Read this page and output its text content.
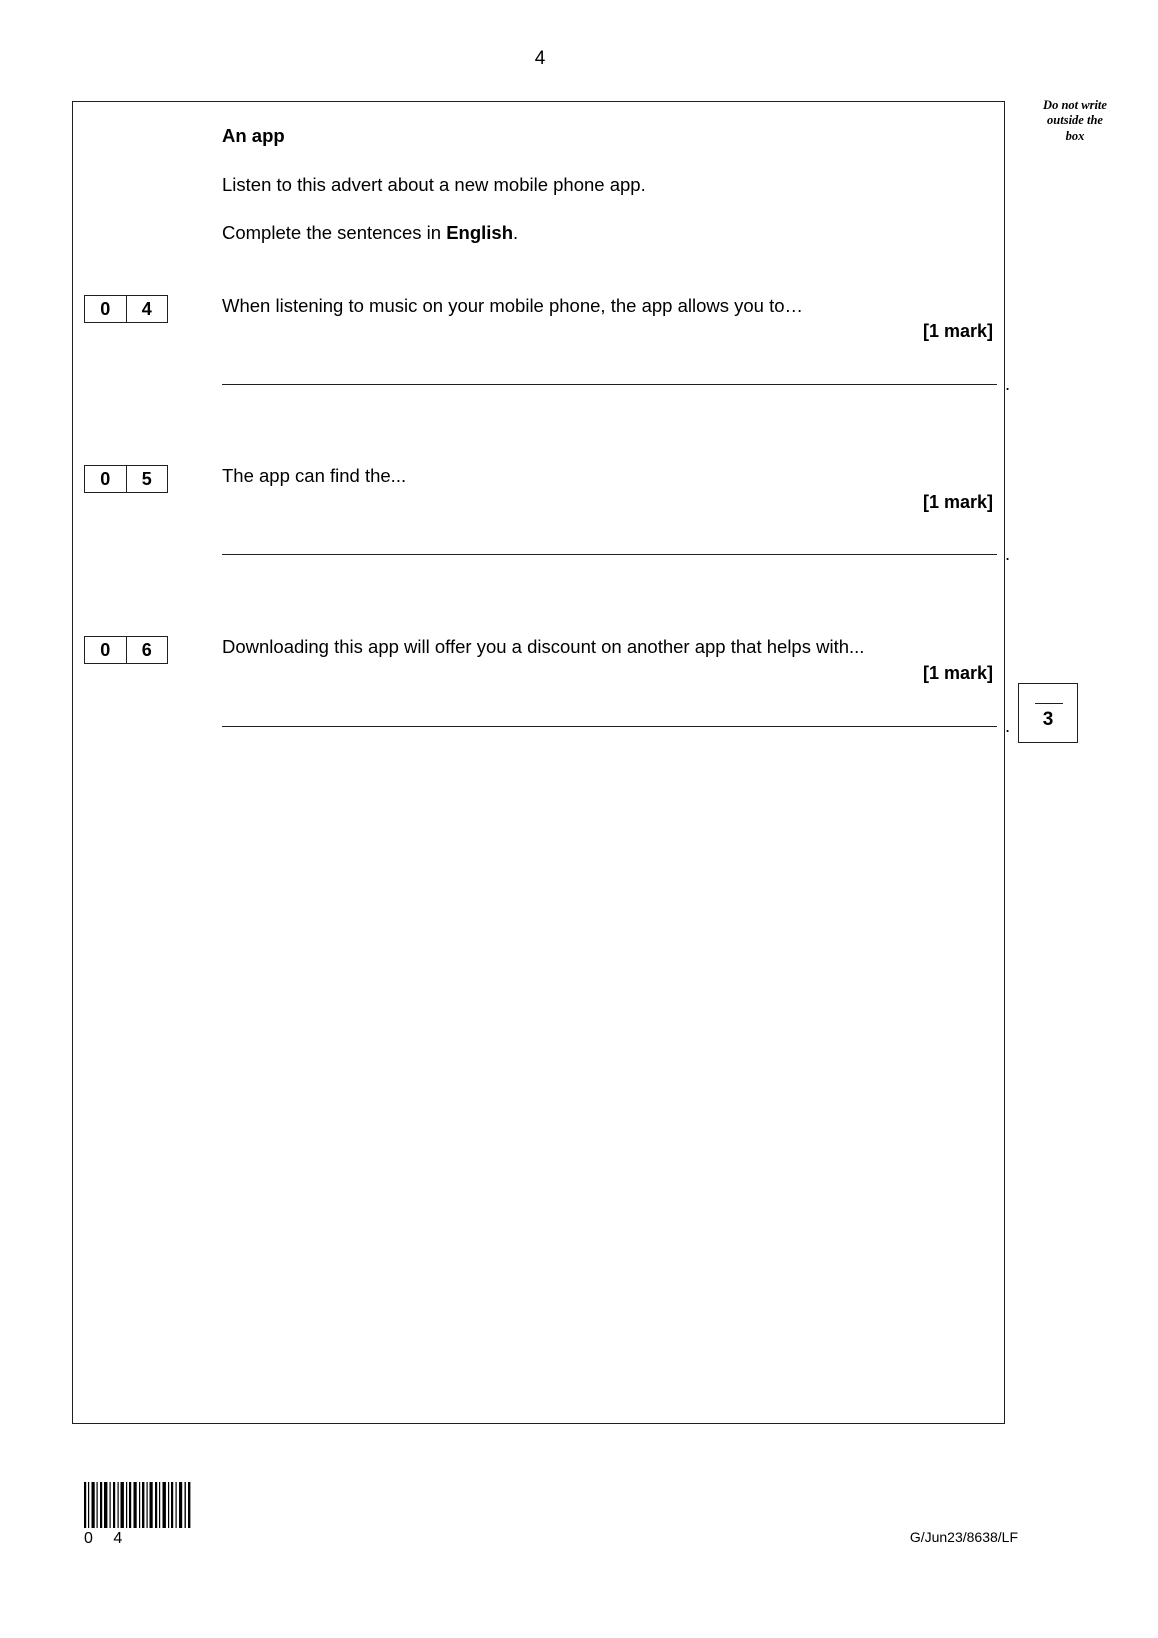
4
Do not write
outside the
box
An app
Listen to this advert about a new mobile phone app.
Complete the sentences in English.
0	4	When listening to music on your mobile phone, the app allows you to…
[1 mark]
.
0	5	The app can find the...
[1 mark]
.
0	6	Downloading this app will offer you a discount on another app that helps with...
[1 mark]
.	3
0 4	G/Jun23/8638/LF
